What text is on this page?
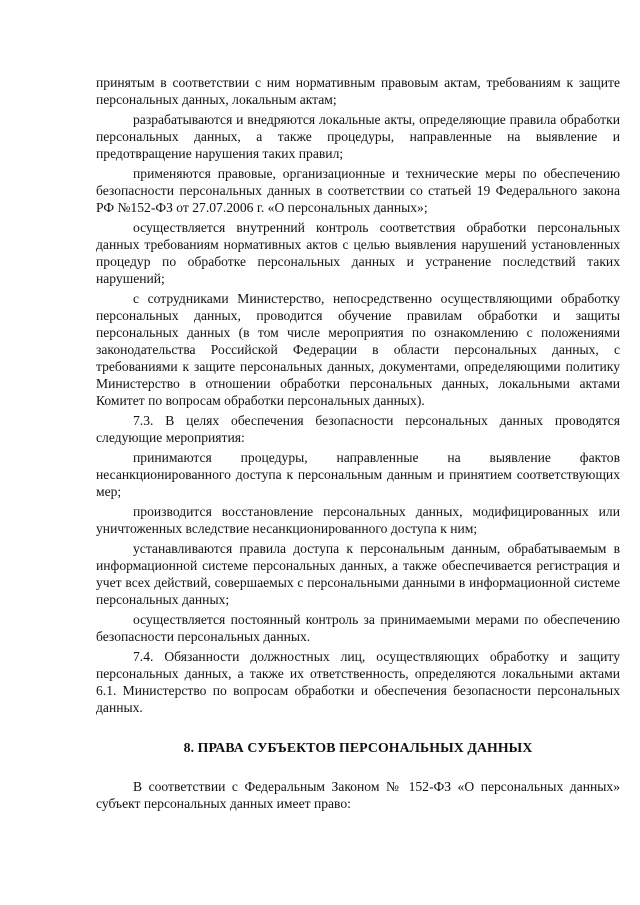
принятым в соответствии с ним нормативным правовым актам, требованиям к защите персональных данных, локальным актам;

разрабатываются и внедряются локальные акты, определяющие правила обработки персональных данных, а также процедуры, направленные на выявление и предотвращение нарушения таких правил;

применяются правовые, организационные и технические меры по обеспечению безопасности персональных данных в соответствии со статьей 19 Федерального закона РФ №152-ФЗ от 27.07.2006 г. «О персональных данных»;

осуществляется внутренний контроль соответствия обработки персональных данных требованиям нормативных актов с целью выявления нарушений установленных процедур по обработке персональных данных и устранение последствий таких нарушений;

с сотрудниками Министерство, непосредственно осуществляющими обработку персональных данных, проводится обучение правилам обработки и защиты персональных данных (в том числе мероприятия по ознакомлению с положениями законодательства Российской Федерации в области персональных данных, с требованиями к защите персональных данных, документами, определяющими политику Министерство в отношении обработки персональных данных, локальными актами Комитет по вопросам обработки персональных данных).

7.3. В целях обеспечения безопасности персональных данных проводятся следующие мероприятия:

принимаются процедуры, направленные на выявление фактов несанкционированного доступа к персональным данным и принятием соответствующих мер;

производится восстановление персональных данных, модифицированных или уничтоженных вследствие несанкционированного доступа к ним;

устанавливаются правила доступа к персональным данным, обрабатываемым в информационной системе персональных данных, а также обеспечивается регистрация и учет всех действий, совершаемых с персональными данными в информационной системе персональных данных;

осуществляется постоянный контроль за принимаемыми мерами по обеспечению безопасности персональных данных.

7.4. Обязанности должностных лиц, осуществляющих обработку и защиту персональных данных, а также их ответственность, определяются локальными актами 6.1. Министерство по вопросам обработки и обеспечения безопасности персональных данных.

8. ПРАВА СУБЪЕКТОВ ПЕРСОНАЛЬНЫХ ДАННЫХ

В соответствии с Федеральным Законом № 152-ФЗ «О персональных данных» субъект персональных данных имеет право:
